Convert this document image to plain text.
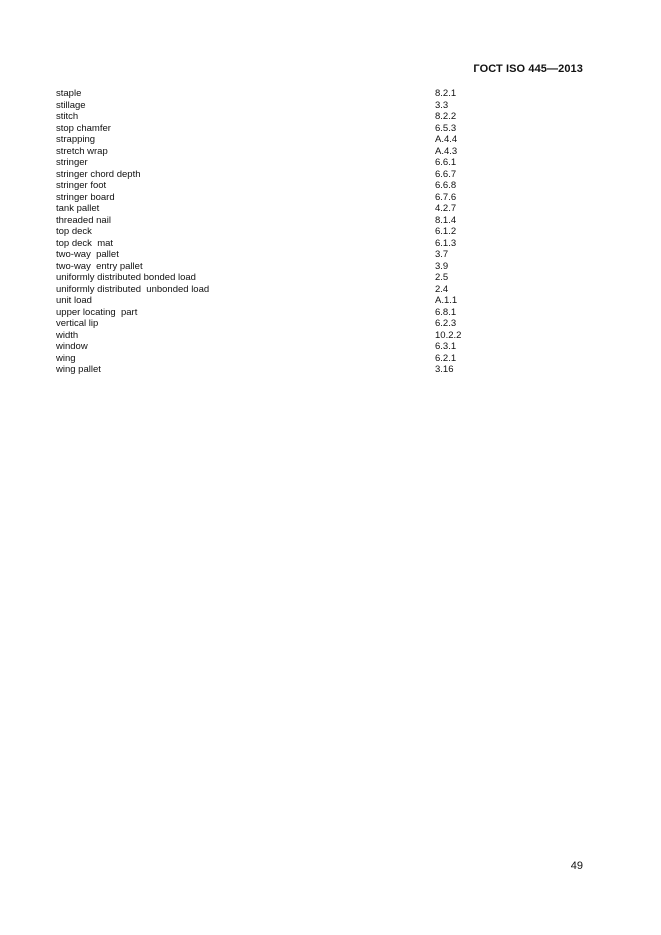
ГОСТ ISO 445—2013
staple	8.2.1
stillage	3.3
stitch	8.2.2
stop chamfer	6.5.3
strapping	A.4.4
stretch wrap	A.4.3
stringer	6.6.1
stringer chord depth	6.6.7
stringer foot	6.6.8
stringer board	6.7.6
tank pallet	4.2.7
threaded nail	8.1.4
top deck	6.1.2
top deck  mat	6.1.3
two-way  pallet	3.7
two-way  entry pallet	3.9
uniformly distributed bonded load	2.5
uniformly distributed  unbonded load	2.4
unit load	A.1.1
upper locating  part	6.8.1
vertical lip	6.2.3
width	10.2.2
window	6.3.1
wing	6.2.1
wing pallet	3.16
49
